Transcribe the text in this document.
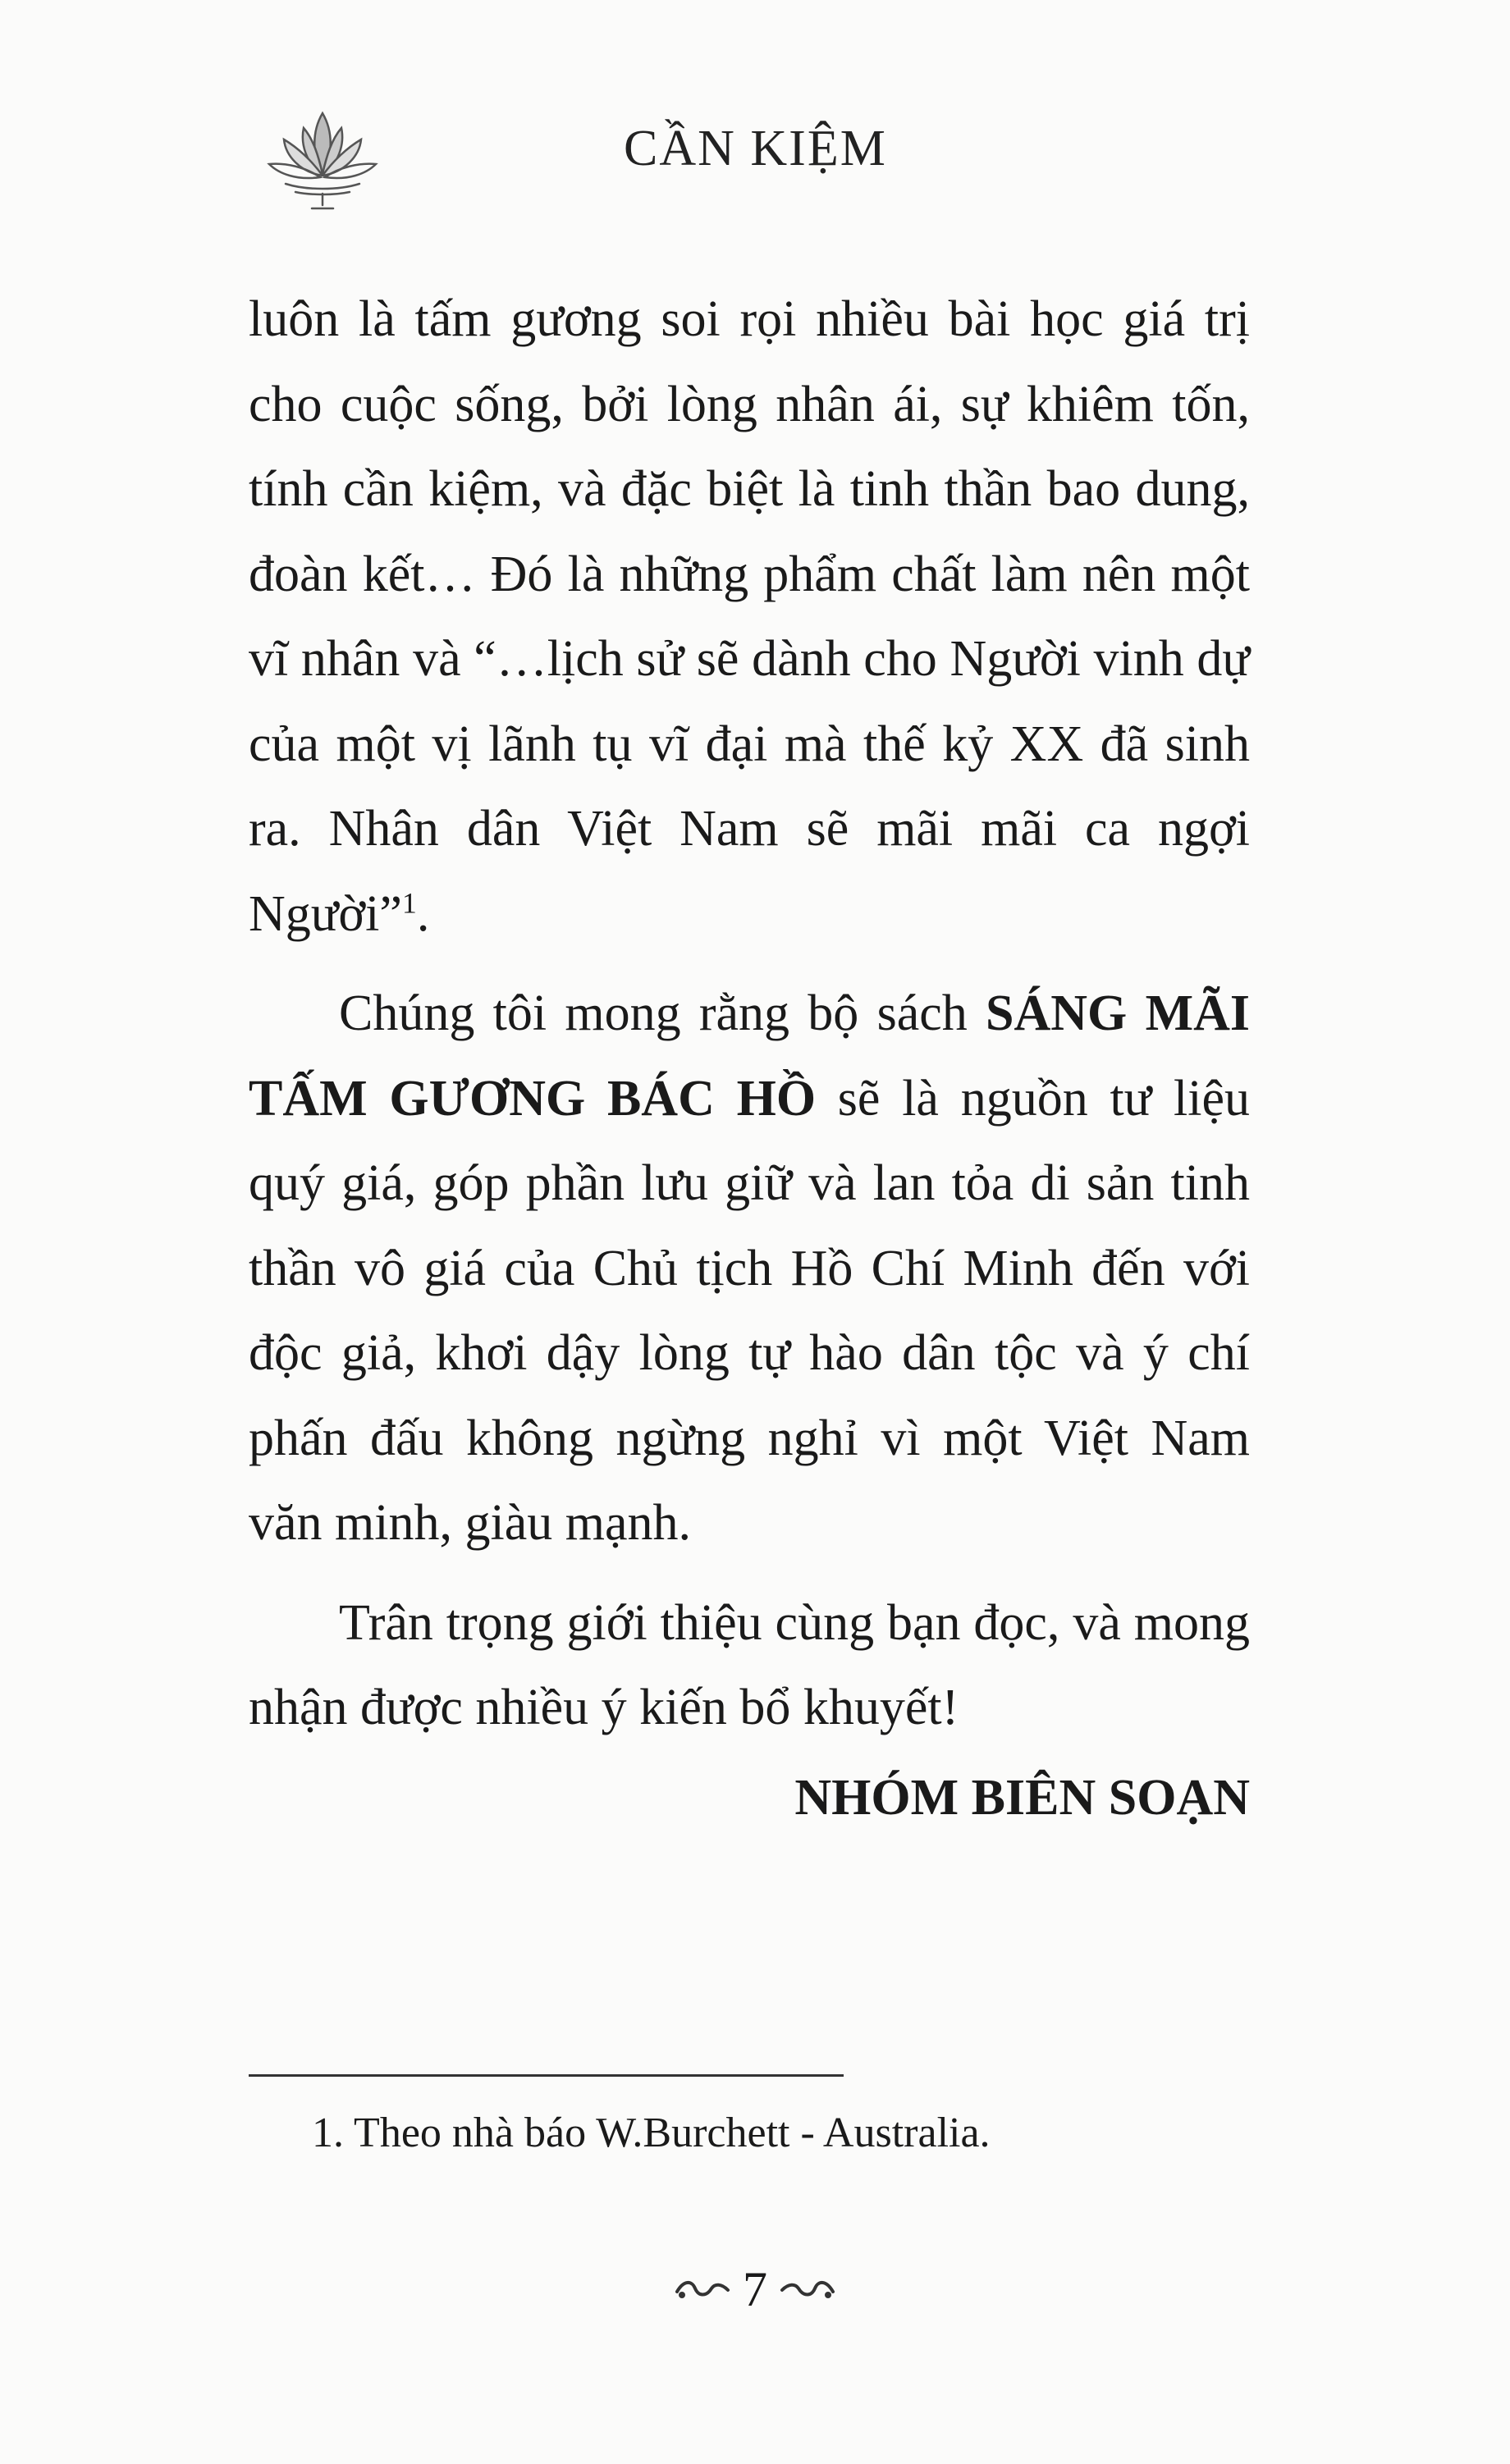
CẦN KIỆM

luôn là tấm gương soi rọi nhiều bài học giá trị cho cuộc sống, bởi lòng nhân ái, sự khiêm tốn, tính cần kiệm, và đặc biệt là tinh thần bao dung, đoàn kết… Đó là những phẩm chất làm nên một vĩ nhân và “…lịch sử sẽ dành cho Người vinh dự của một vị lãnh tụ vĩ đại mà thế kỷ XX đã sinh ra. Nhân dân Việt Nam sẽ mãi mãi ca ngợi Người”$^1$.

Chúng tôi mong rằng bộ sách SÁNG MÃI TẤM GƯƠNG BÁC HỒ sẽ là nguồn tư liệu quý giá, góp phần lưu giữ và lan tỏa di sản tinh thần vô giá của Chủ tịch Hồ Chí Minh đến với độc giả, khơi dậy lòng tự hào dân tộc và ý chí phấn đấu không ngừng nghỉ vì một Việt Nam văn minh, giàu mạnh.

Trân trọng giới thiệu cùng bạn đọc, và mong nhận được nhiều ý kiến bổ khuyết!

NHÓM BIÊN SOẠN

1. Theo nhà báo W.Burchett - Australia.
7
